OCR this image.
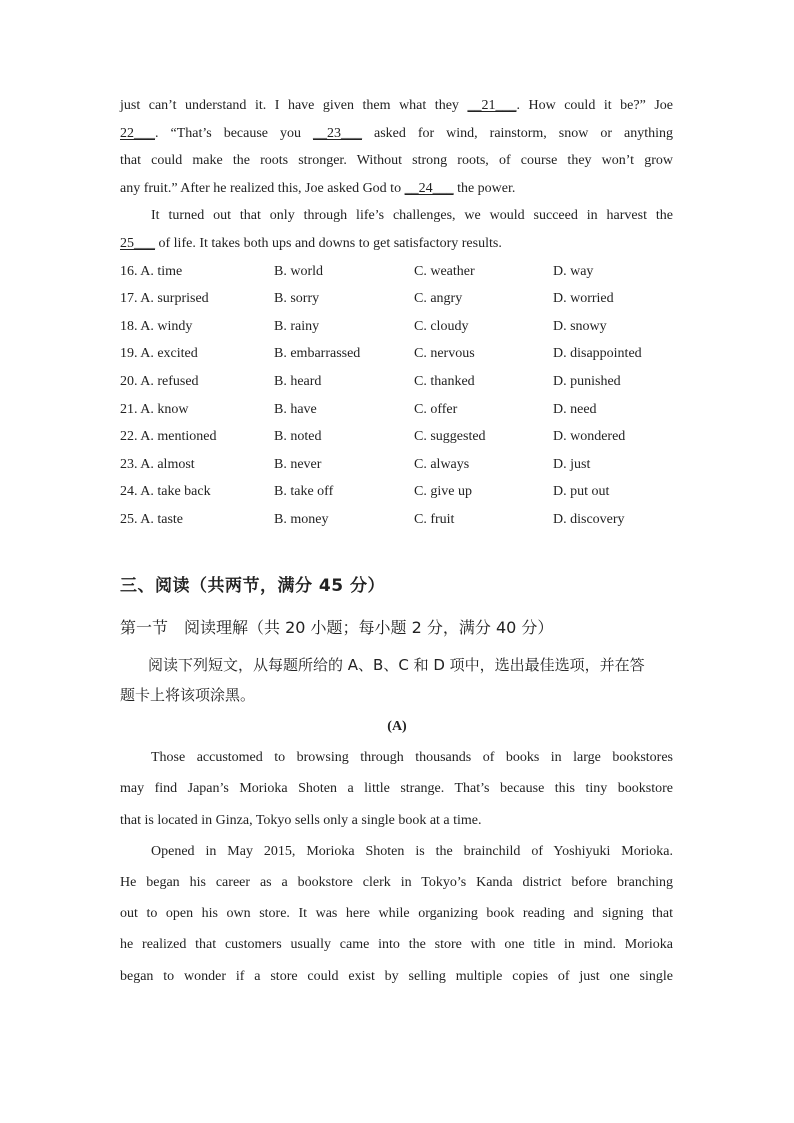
just can’t understand it. I have given them what they __21___. How could it be?” Joe
22___. “That’s because you __23___ asked for wind, rainstorm, snow or anything
that could make the roots stronger. Without strong roots, of course they won’t grow
any fruit.” After he realized this, Joe asked God to __24___ the power.
It turned out that only through life’s challenges, we would succeed in harvest the
25___ of life. It takes both ups and downs to get satisfactory results.
16. A. time	B. world	C. weather	D. way
17. A. surprised	B. sorry	C. angry	D. worried
18. A. windy	B. rainy	C. cloudy	D. snowy
19. A. excited	B. embarrassed	C. nervous	D. disappointed
20. A. refused	B. heard	C. thanked	D. punished
21. A. know	B. have	C. offer	D. need
22. A. mentioned	B. noted	C. suggested	D. wondered
23. A. almost	B. never	C. always	D. just
24. A. take back	B. take off	C. give up	D. put out
25. A. taste	B. money	C. fruit	D. discovery
三、阅读（共两节，满分 45 分）
第一节　阅读理解（共 20 小题；每小题 2 分，满分 40 分）
阅读下列短文，从每题所给的 A、B、C 和 D 项中，选出最佳选项，并在答
题卡上将该项涂黑。
(A)
Those accustomed to browsing through thousands of books in large bookstores
may find Japan’s Morioka Shoten a little strange. That’s because this tiny bookstore
that is located in Ginza, Tokyo sells only a single book at a time.
Opened in May 2015, Morioka Shoten is the brainchild of Yoshiyuki Morioka.
He began his career as a bookstore clerk in Tokyo’s Kanda district before branching
out to open his own store. It was here while organizing book reading and signing that
he realized that customers usually came into the store with one title in mind. Morioka
began to wonder if a store could exist by selling multiple copies of just one single
